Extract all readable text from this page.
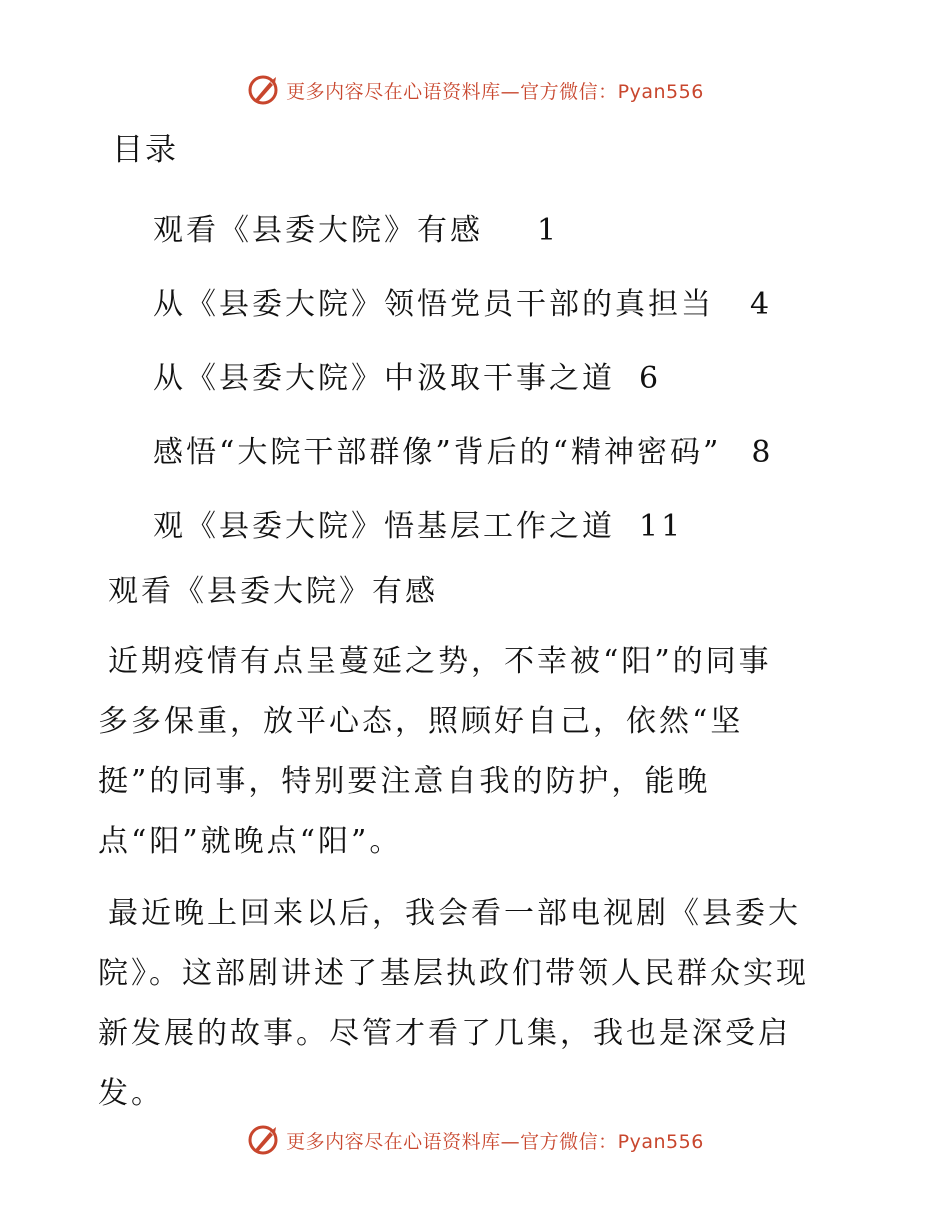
更多内容尽在心语资料库—官方微信：Pyan556
目录
观看《县委大院》有感 1
从《县委大院》领悟党员干部的真担当 4
从《县委大院》中汲取干事之道 6
感悟“大院干部群像”背后的“精神密码” 8
观《县委大院》悟基层工作之道 11
观看《县委大院》有感

近期疫情有点呈蔓延之势，不幸被“阳”的同事
多多保重，放平心态，照顾好自己，依然“坚
挺”的同事，特别要注意自我的防护，能晚
点“阳”就晚点“阳”。

最近晚上回来以后，我会看一部电视剧《县委大
院》。这部剧讲述了基层执政们带领人民群众实现
新发展的故事。尽管才看了几集，我也是深受启
发。

更多内容尽在心语资料库—官方微信：Pyan556
